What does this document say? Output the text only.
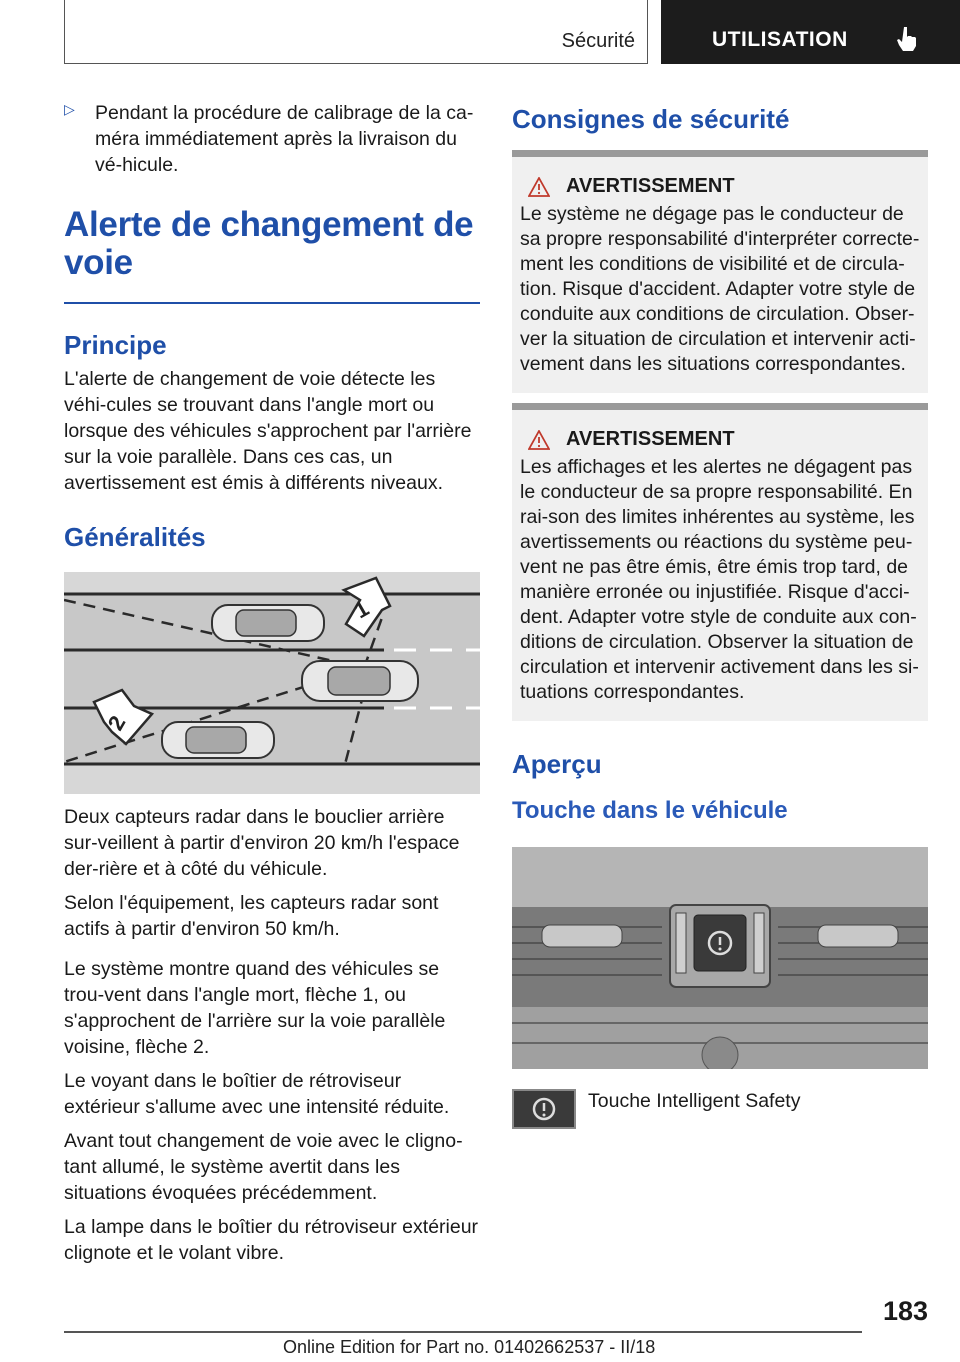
Sécurité	UTILISATION
▷ Pendant la procédure de calibrage de la ca-méra immédiatement après la livraison du vé-hicule.

Alerte de changement de voie
Principe

L'alerte de changement de voie détecte les véhi-cules se trouvant dans l'angle mort ou lorsque des véhicules s'approchent par l'arrière sur la voie parallèle. Dans ces cas, un avertissement est émis à différents niveaux.

Généralités
1
2

Deux capteurs radar dans le bouclier arrière sur-veillent à partir d'environ 20 km/h l'espace der-rière et à côté du véhicule.

Selon l'équipement, les capteurs radar sont actifs à partir d'environ 50 km/h.

Le système montre quand des véhicules se trou-vent dans l'angle mort, flèche 1, ou s'approchent de l'arrière sur la voie parallèle voisine, flèche 2.

Le voyant dans le boîtier de rétroviseur extérieur s'allume avec une intensité réduite.

Avant tout changement de voie avec le cligno-tant allumé, le système avertit dans les situations évoquées précédemment.

La lampe dans le boîtier du rétroviseur extérieur clignote et le volant vibre.

Consignes de sécurité
AVERTISSEMENT

Le système ne dégage pas le conducteur de sa propre responsabilité d'interpréter correcte-ment les conditions de visibilité et de circula-tion. Risque d'accident. Adapter votre style de conduite aux conditions de circulation. Obser-ver la situation de circulation et intervenir acti-vement dans les situations correspondantes.

AVERTISSEMENT

Les affichages et les alertes ne dégagent pas le conducteur de sa propre responsabilité. En rai-son des limites inhérentes au système, les avertissements ou réactions du système peu-vent ne pas être émis, être émis trop tard, de manière erronée ou injustifiée. Risque d'acci-dent. Adapter votre style de conduite aux con-ditions de circulation. Observer la situation de circulation et intervenir activement dans les si-tuations correspondantes.

Aperçu
Touche dans le véhicule
Touche Intelligent Safety
183
Online Edition for Part no. 01402662537 - II/18
